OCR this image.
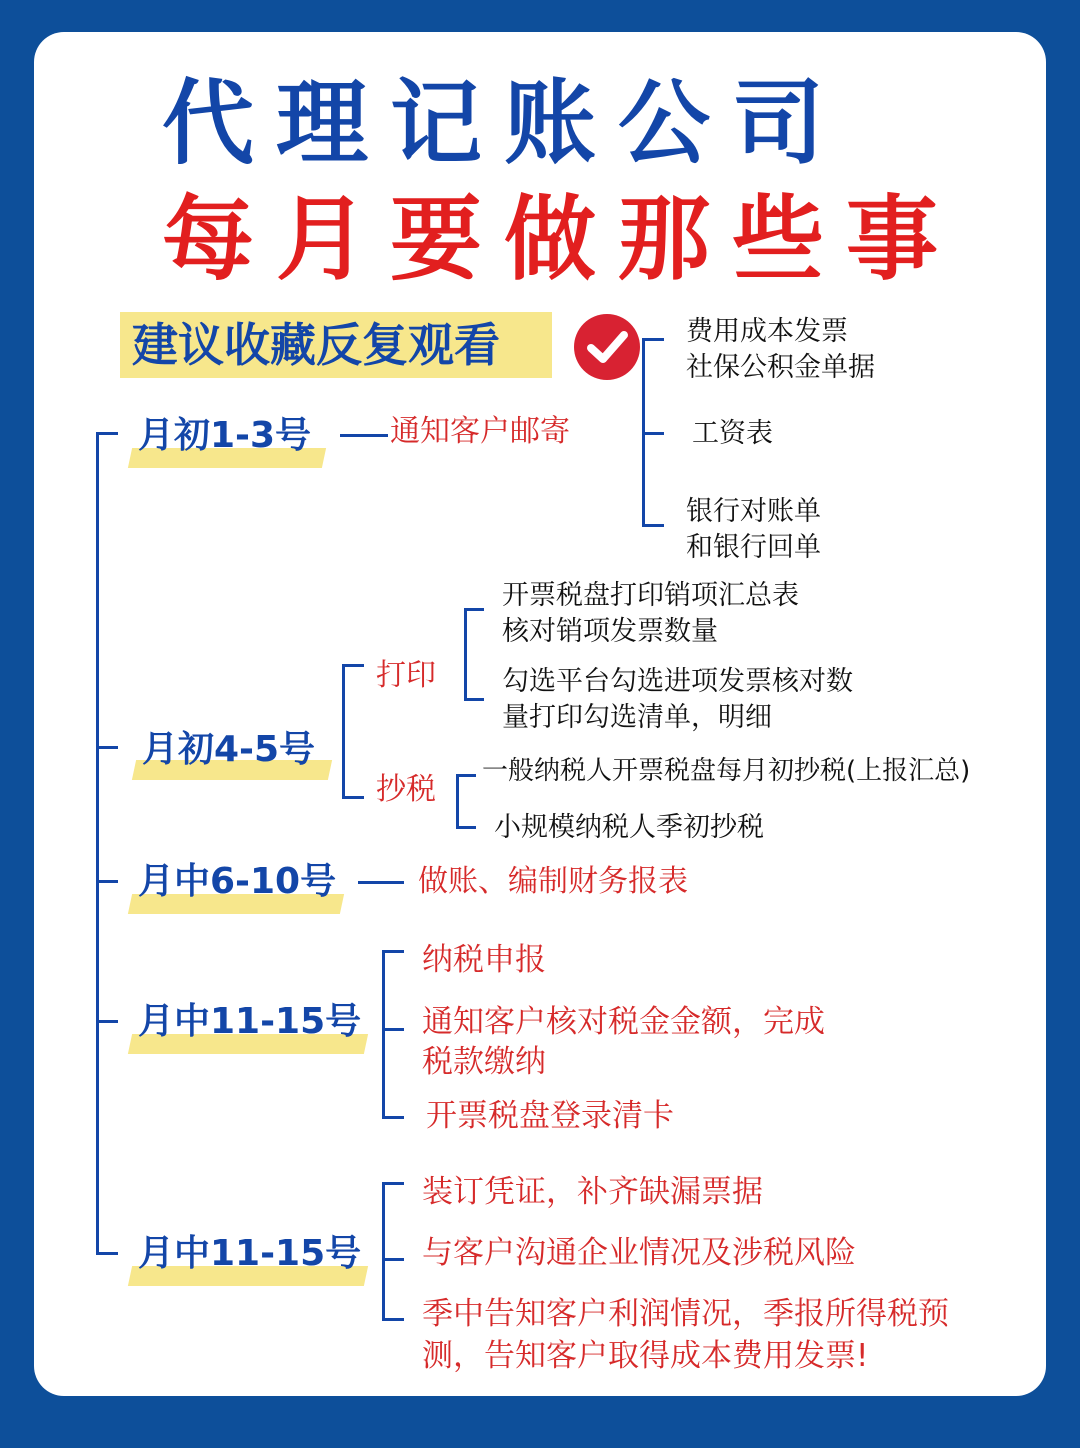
代理记账公司
每月要做那些事
建议收藏反复观看
月初1-3号	通知客户邮寄
费用成本发票
社保公积金单据
工资表
银行对账单
和银行回单
月初4-5号
打印
抄税
开票税盘打印销项汇总表
核对销项发票数量
勾选平台勾选进项发票核对数
量打印勾选清单，明细
一般纳税人开票税盘每月初抄税(上报汇总)
小规模纳税人季初抄税
月中6-10号	做账、编制财务报表
月中11-15号
纳税申报
通知客户核对税金金额，完成
税款缴纳
开票税盘登录清卡
月中11-15号
装订凭证，补齐缺漏票据
与客户沟通企业情况及涉税风险
季中告知客户利润情况，季报所得税预
测，告知客户取得成本费用发票!
